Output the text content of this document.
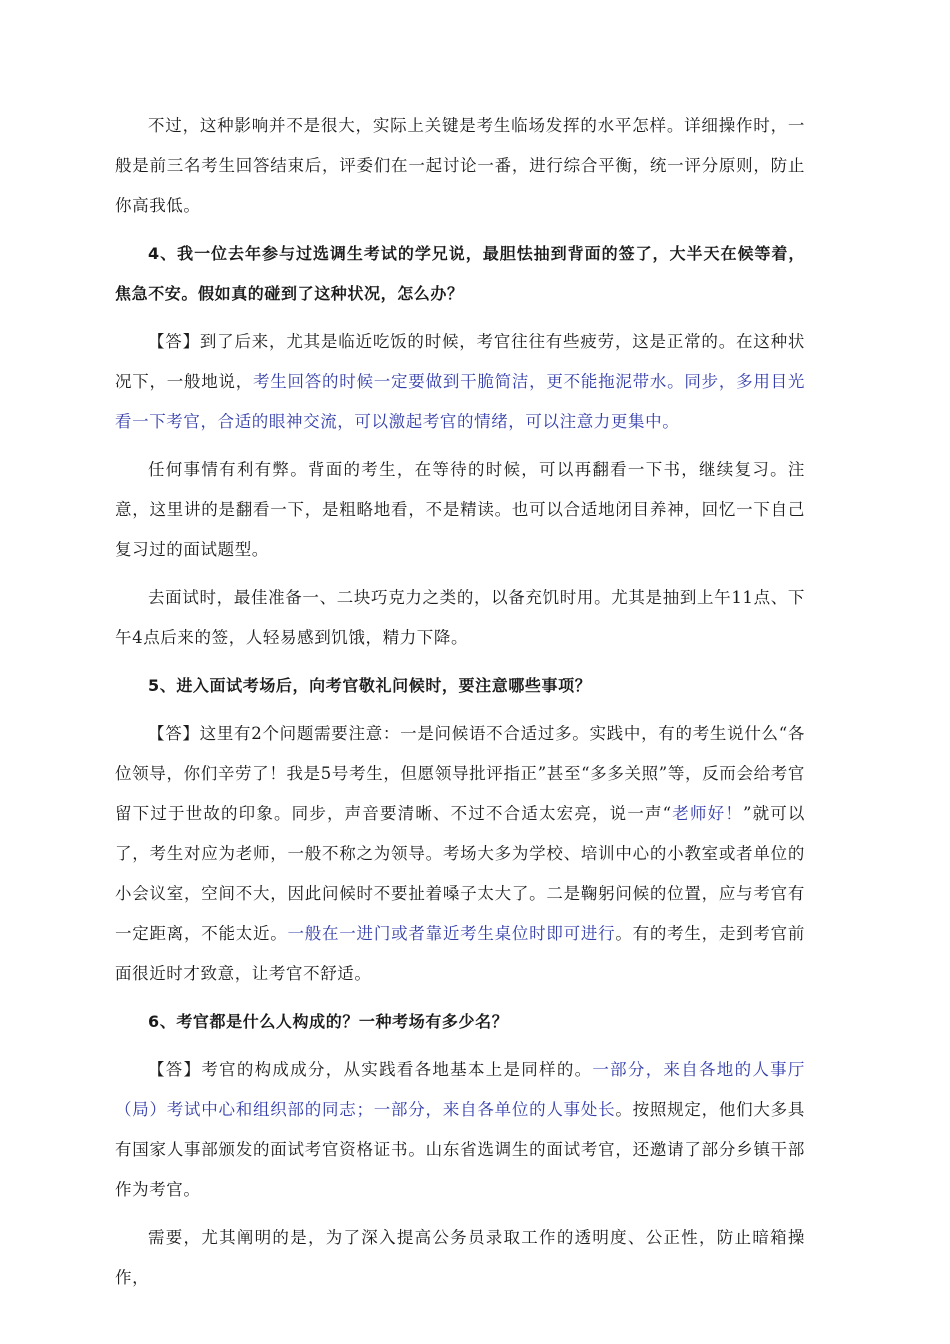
不过，这种影响并不是很大，实际上关键是考生临场发挥的水平怎样。详细操作时，一般是前三名考生回答结束后，评委们在一起讨论一番，进行综合平衡，统一评分原则，防止你高我低。

4、我一位去年参与过选调生考试的学兄说，最胆怯抽到背面的签了，大半天在候等着，焦急不安。假如真的碰到了这种状况，怎么办？

【答】到了后来，尤其是临近吃饭的时候，考官往往有些疲劳，这是正常的。在这种状况下，一般地说，考生回答的时候一定要做到干脆简洁，更不能拖泥带水。同步，多用目光看一下考官，合适的眼神交流，可以激起考官的情绪，可以注意力更集中。

任何事情有利有弊。背面的考生，在等待的时候，可以再翻看一下书，继续复习。注意，这里讲的是翻看一下，是粗略地看，不是精读。也可以合适地闭目养神，回忆一下自己复习过的面试题型。

去面试时，最佳准备一、二块巧克力之类的，以备充饥时用。尤其是抽到上午11点、下午4点后来的签，人轻易感到饥饿，精力下降。

5、进入面试考场后，向考官敬礼问候时，要注意哪些事项？

【答】这里有2个问题需要注意：一是问候语不合适过多。实践中，有的考生说什么“各位领导，你们辛劳了！我是5号考生，但愿领导批评指正”甚至“多多关照”等，反而会给考官留下过于世故的印象。同步，声音要清晰、不过不合适太宏亮，说一声“老师好！”就可以了，考生对应为老师，一般不称之为领导。考场大多为学校、培训中心的小教室或者单位的小会议室，空间不大，因此问候时不要扯着嗓子太大了。二是鞠躬问候的位置，应与考官有一定距离，不能太近。一般在一进门或者靠近考生桌位时即可进行。有的考生，走到考官前面很近时才致意，让考官不舒适。

6、考官都是什么人构成的？一种考场有多少名？

【答】考官的构成成分，从实践看各地基本上是同样的。一部分，来自各地的人事厅（局）考试中心和组织部的同志；一部分，来自各单位的人事处长。按照规定，他们大多具有国家人事部颁发的面试考官资格证书。山东省选调生的面试考官，还邀请了部分乡镇干部作为考官。

需要，尤其阐明的是，为了深入提高公务员录取工作的透明度、公正性，防止暗箱操作，
